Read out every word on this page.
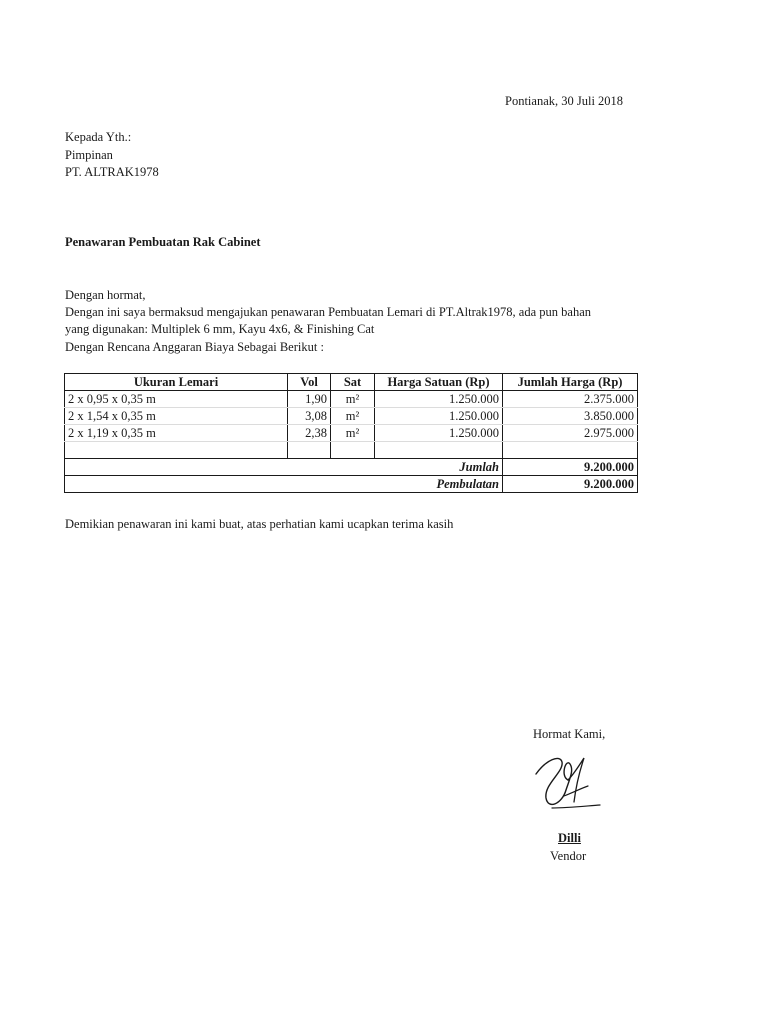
Pontianak, 30 Juli 2018
Kepada Yth.:
Pimpinan
PT. ALTRAK1978
Penawaran Pembuatan Rak Cabinet
Dengan hormat,
Dengan ini saya bermaksud mengajukan penawaran Pembuatan Lemari di PT.Altrak1978, ada pun bahan
yang digunakan: Multiplek 6 mm, Kayu 4x6, & Finishing Cat
Dengan Rencana Anggaran Biaya Sebagai Berikut :
Ukuran Lemari	Vol	Sat	Harga Satuan (Rp)	Jumlah Harga (Rp)
2 x 0,95 x 0,35 m	1,90	m²	1.250.000	2.375.000
2 x 1,54 x 0,35 m	3,08	m²	1.250.000	3.850.000
2 x 1,19 x 0,35 m	2,38	m²	1.250.000	2.975.000

Jumlah				9.200.000
Pembulatan				9.200.000
Demikian penawaran ini kami buat, atas perhatian kami ucapkan terima kasih
Hormat Kami,
Dilli
Vendor
